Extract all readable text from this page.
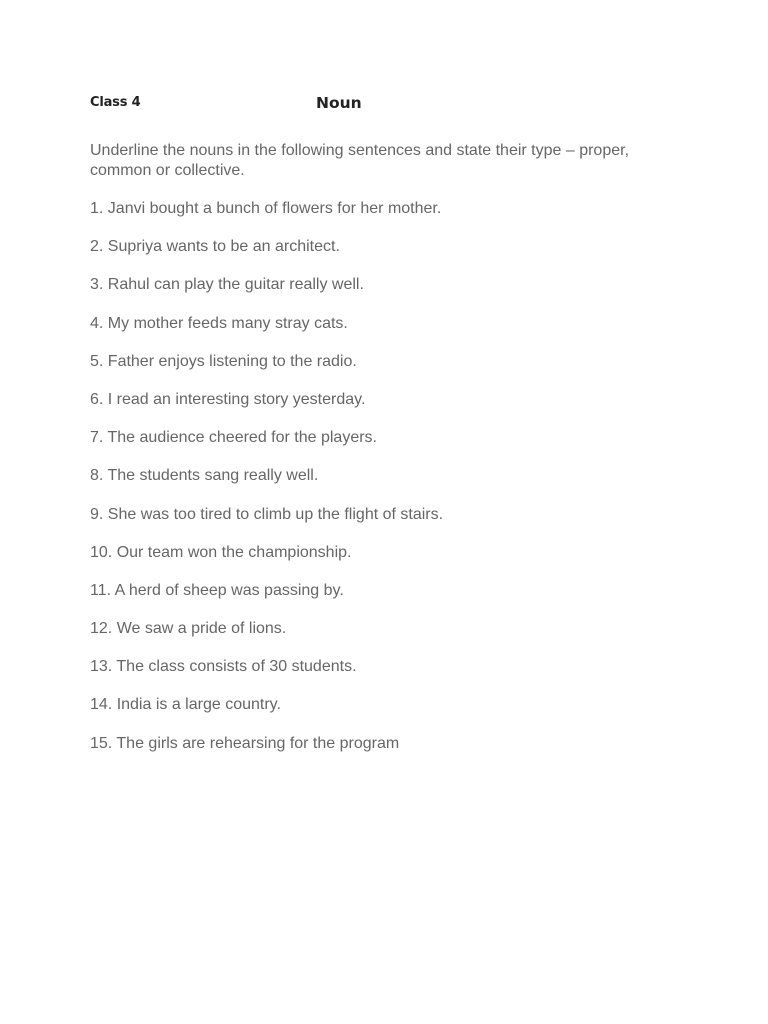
Class 4	Noun

Underline the nouns in the following sentences and state their type – proper, common or collective.

1. Janvi bought a bunch of flowers for her mother.
2. Supriya wants to be an architect.
3. Rahul can play the guitar really well.
4. My mother feeds many stray cats.
5. Father enjoys listening to the radio.
6. I read an interesting story yesterday.
7. The audience cheered for the players.
8. The students sang really well.
9. She was too tired to climb up the flight of stairs.
10. Our team won the championship.
11. A herd of sheep was passing by.
12. We saw a pride of lions.
13. The class consists of 30 students.
14. India is a large country.
15. The girls are rehearsing for the program
